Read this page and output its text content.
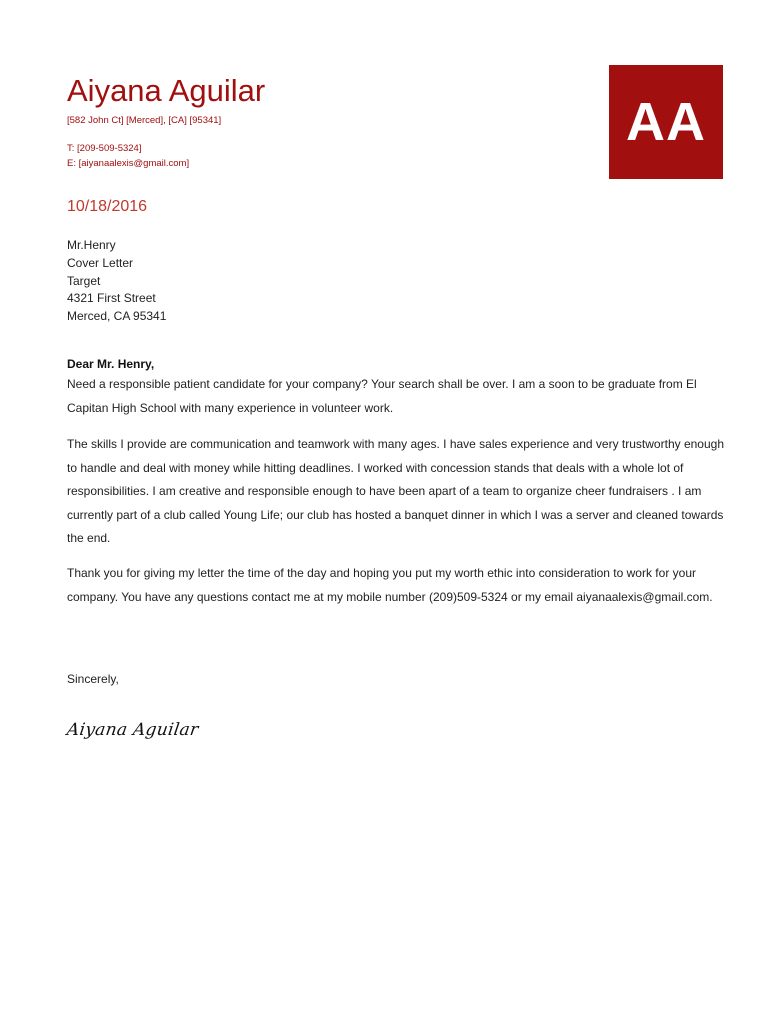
Aiyana Aguilar
[582 John Ct] [Merced], [CA] [95341]
T: [209-509-5324]
E: [aiyanaalexis@gmail.com]
AA
10/18/2016
Mr.Henry
Cover Letter
Target
4321 First Street
Merced, CA 95341
Dear Mr. Henry,
Need a responsible patient candidate for your company? Your search shall be over. I am a soon to be graduate from El Capitan High School with many experience in volunteer work.
The skills I provide are communication and teamwork with many ages. I have sales experience and very trustworthy enough to handle and deal with money while hitting deadlines. I worked with concession stands that deals with a whole lot of responsibilities. I am creative and responsible enough to have been apart of a team to organize cheer fundraisers . I am currently part of a club called Young Life; our club has hosted a banquet dinner in which I was a server and cleaned towards the end.
Thank you for giving my letter the time of the day and hoping you put my worth ethic into consideration to work for your company. You have any questions contact me at my mobile number (209)509-5324 or my email aiyanaalexis@gmail.com.
Sincerely,
Aiyana Aguilar
